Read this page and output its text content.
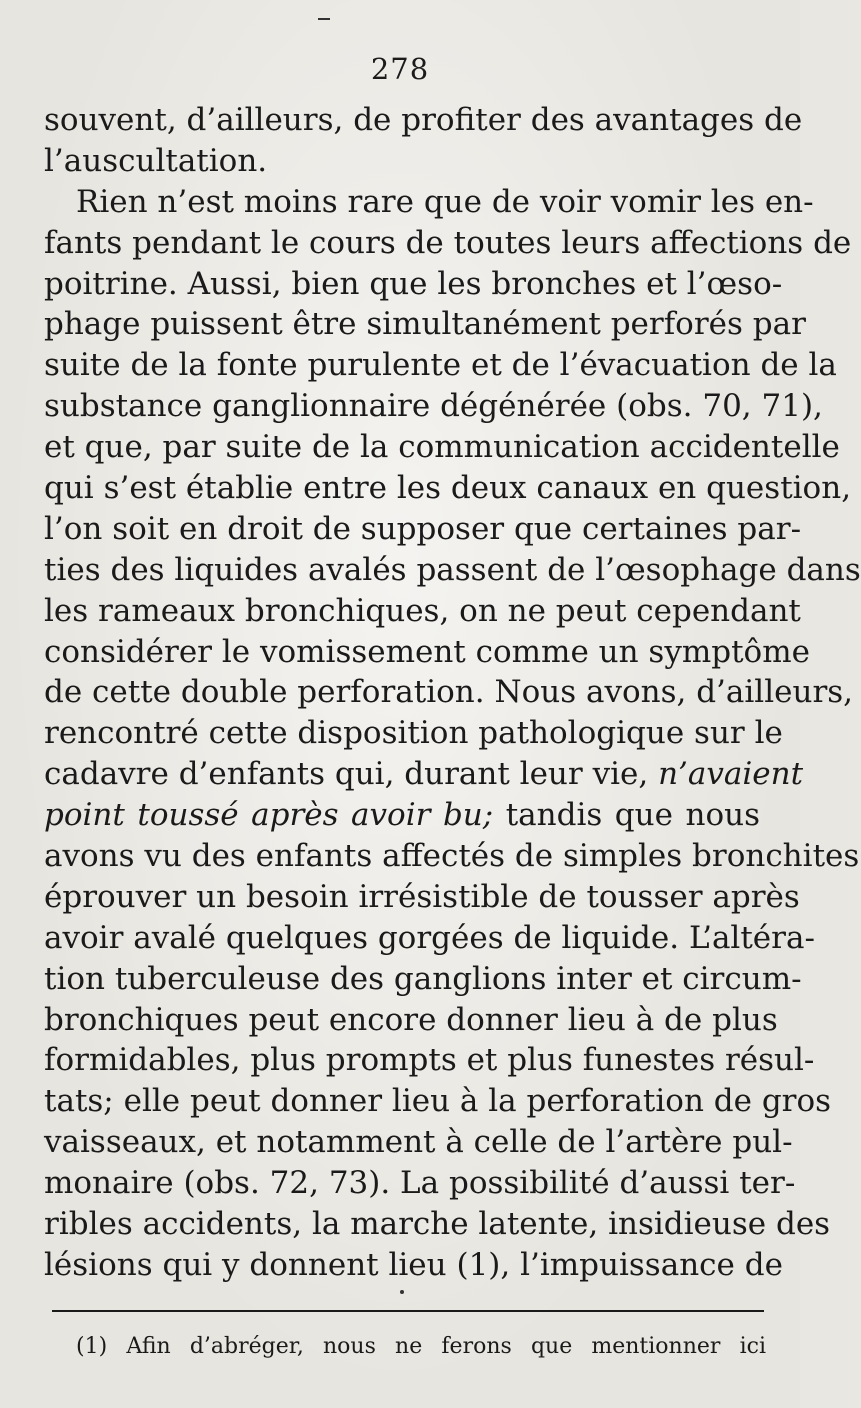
278
souvent, d’ailleurs, de profiter des avantages de
l’auscultation.
Rien n’est moins rare que de voir vomir les en-
fants pendant le cours de toutes leurs affections de
poitrine. Aussi, bien que les bronches et l’œso-
phage puissent être simultanément perforés par
suite de la fonte purulente et de l’évacuation de la
substance ganglionnaire dégénérée (obs. 70, 71),
et que, par suite de la communication accidentelle
qui s’est établie entre les deux canaux en question,
l’on soit en droit de supposer que certaines par-
ties des liquides avalés passent de l’œsophage dans
les rameaux bronchiques, on ne peut cependant
considérer le vomissement comme un symptôme
de cette double perforation. Nous avons, d’ailleurs,
rencontré cette disposition pathologique sur le
cadavre d’enfants qui, durant leur vie, n’avaient
point toussé après avoir bu; tandis que nous
avons vu des enfants affectés de simples bronchites
éprouver un besoin irrésistible de tousser après
avoir avalé quelques gorgées de liquide. L’altéra-
tion tuberculeuse des ganglions inter et circum-
bronchiques peut encore donner lieu à de plus
formidables, plus prompts et plus funestes résul-
tats; elle peut donner lieu à la perforation de gros
vaisseaux, et notamment à celle de l’artère pul-
monaire (obs. 72, 73). La possibilité d’aussi ter-
ribles accidents, la marche latente, insidieuse des
lésions qui y donnent lieu (1), l’impuissance de
(1) Afin d’abréger, nous ne ferons que mentionner ici
